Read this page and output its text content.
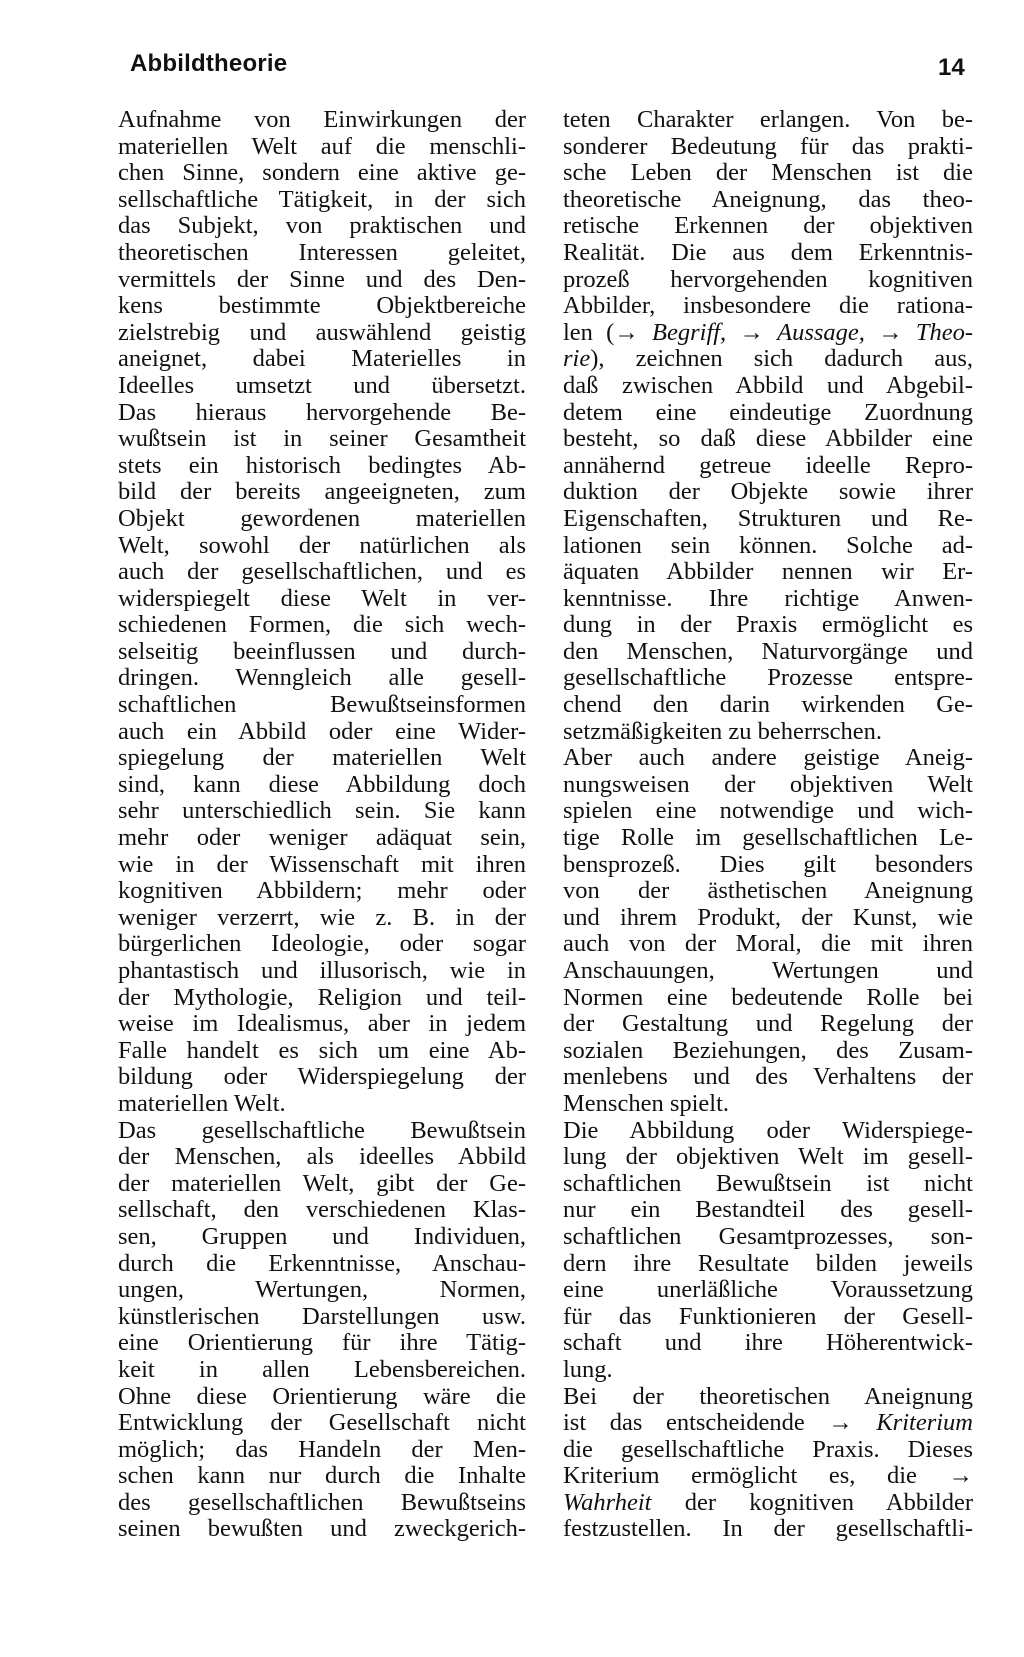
Abbildtheorie	14
Aufnahme von Einwirkungen der
materiellen Welt auf die menschli-
chen Sinne, sondern eine aktive ge-
sellschaftliche Tätigkeit, in der sich
das Subjekt, von praktischen und
theoretischen Interessen geleitet,
vermittels der Sinne und des Den-
kens bestimmte Objektbereiche
zielstrebig und auswählend geistig
aneignet, dabei Materielles in
Ideelles umsetzt und übersetzt.
Das hieraus hervorgehende Be-
wußtsein ist in seiner Gesamtheit
stets ein historisch bedingtes Ab-
bild der bereits angeeigneten, zum
Objekt gewordenen materiellen
Welt, sowohl der natürlichen als
auch der gesellschaftlichen, und es
widerspiegelt diese Welt in ver-
schiedenen Formen, die sich wech-
selseitig beeinflussen und durch-
dringen. Wenngleich alle gesell-
schaftlichen Bewußtseinsformen
auch ein Abbild oder eine Wider-
spiegelung der materiellen Welt
sind, kann diese Abbildung doch
sehr unterschiedlich sein. Sie kann
mehr oder weniger adäquat sein,
wie in der Wissenschaft mit ihren
kognitiven Abbildern; mehr oder
weniger verzerrt, wie z. B. in der
bürgerlichen Ideologie, oder sogar
phantastisch und illusorisch, wie in
der Mythologie, Religion und teil-
weise im Idealismus, aber in jedem
Falle handelt es sich um eine Ab-
bildung oder Widerspiegelung der
materiellen Welt.
Das gesellschaftliche Bewußtsein
der Menschen, als ideelles Abbild
der materiellen Welt, gibt der Ge-
sellschaft, den verschiedenen Klas-
sen, Gruppen und Individuen,
durch die Erkenntnisse, Anschau-
ungen, Wertungen, Normen,
künstlerischen Darstellungen usw.
eine Orientierung für ihre Tätig-
keit in allen Lebensbereichen.
Ohne diese Orientierung wäre die
Entwicklung der Gesellschaft nicht
möglich; das Handeln der Men-
schen kann nur durch die Inhalte
des gesellschaftlichen Bewußtseins
seinen bewußten und zweckgerich-
teten Charakter erlangen. Von be-
sonderer Bedeutung für das prakti-
sche Leben der Menschen ist die
theoretische Aneignung, das theo-
retische Erkennen der objektiven
Realität. Die aus dem Erkenntnis-
prozeß hervorgehenden kognitiven
Abbilder, insbesondere die rationa-
len (→ Begriff, → Aussage, → Theo-
rie), zeichnen sich dadurch aus,
daß zwischen Abbild und Abgebil-
detem eine eindeutige Zuordnung
besteht, so daß diese Abbilder eine
annähernd getreue ideelle Repro-
duktion der Objekte sowie ihrer
Eigenschaften, Strukturen und Re-
lationen sein können. Solche ad-
äquaten Abbilder nennen wir Er-
kenntnisse. Ihre richtige Anwen-
dung in der Praxis ermöglicht es
den Menschen, Naturvorgänge und
gesellschaftliche Prozesse entspre-
chend den darin wirkenden Ge-
setzmäßigkeiten zu beherrschen.
Aber auch andere geistige Aneig-
nungsweisen der objektiven Welt
spielen eine notwendige und wich-
tige Rolle im gesellschaftlichen Le-
bensprozeß. Dies gilt besonders
von der ästhetischen Aneignung
und ihrem Produkt, der Kunst, wie
auch von der Moral, die mit ihren
Anschauungen, Wertungen und
Normen eine bedeutende Rolle bei
der Gestaltung und Regelung der
sozialen Beziehungen, des Zusam-
menlebens und des Verhaltens der
Menschen spielt.
Die Abbildung oder Widerspiege-
lung der objektiven Welt im gesell-
schaftlichen Bewußtsein ist nicht
nur ein Bestandteil des gesell-
schaftlichen Gesamtprozesses, son-
dern ihre Resultate bilden jeweils
eine unerläßliche Voraussetzung
für das Funktionieren der Gesell-
schaft und ihre Höherentwick-
lung.
Bei der theoretischen Aneignung
ist das entscheidende → Kriterium
die gesellschaftliche Praxis. Dieses
Kriterium ermöglicht es, die →
Wahrheit der kognitiven Abbilder
festzustellen. In der gesellschaftli-
